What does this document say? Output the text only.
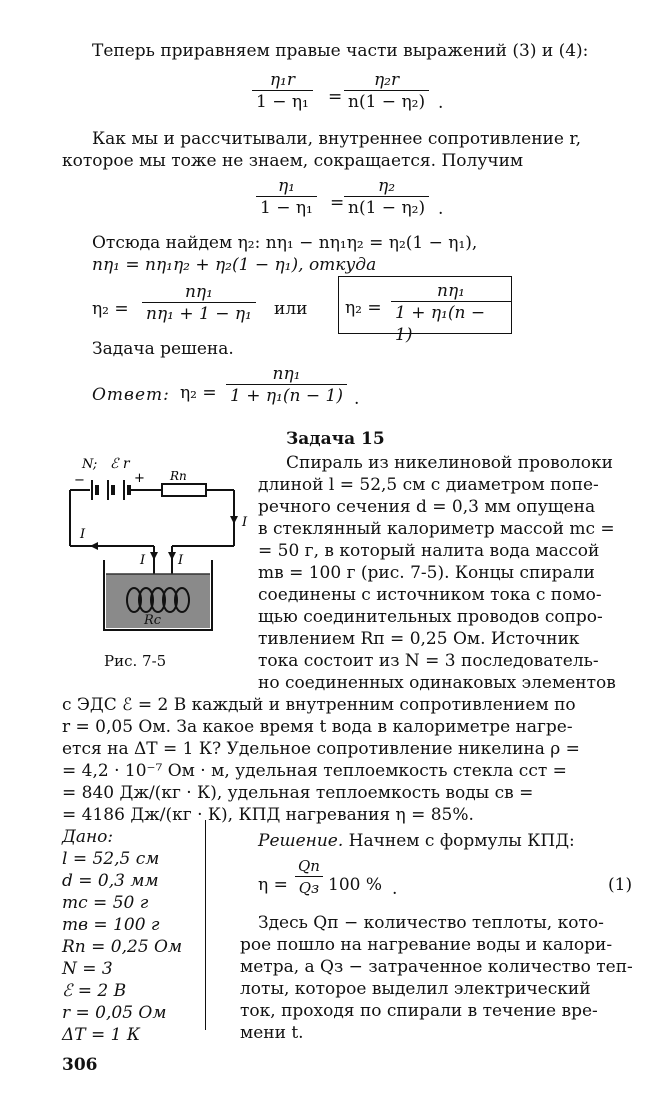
Теперь приравняем правые части выражений (3) и (4):
$\frac{\text{η₁r}}{\text{1 − η₁}} = \frac{\text{η₂r}}{\text{n(1 − η₂)}}$ .
Как мы и рассчитывали, внутреннее сопротивление r,
которое мы тоже не знаем, сокращается. Получим
$\frac{\text{η₁}}{\text{1 − η₁}} = \frac{\text{η₂}}{\text{n(1 − η₂)}}$ .
Отсюда найдем η₂: nη₁ − nη₁η₂ = η₂(1 − η₁),
nη₁ = nη₁η₂ + η₂(1 − η₁), откуда
$\eta_2 = \frac{\text{nη₁}}{\text{nη₁ + 1 − η₁}}$ или $\eta_2 = \frac{\text{nη₁}}{\text{1 + η₁(n − 1)}}$
Задача решена.
Ответ: $\eta_2 = \frac{\text{nη₁}}{\text{1 + η₁(n − 1)}}$ .
Задача 15
N; ℰ r
−	+ Rп
I
I
I	I
Rc
Рис. 7-5
Спираль из никелиновой проволоки
длиной l = 52,5 см с диаметром попе-
речного сечения d = 0,3 мм опущена
в стеклянный калориметр массой mс =
= 50 г, в который налита вода массой
mв = 100 г (рис. 7-5). Концы спирали
соединены с источником тока с помо-
щью соединительных проводов сопро-
тивлением Rп = 0,25 Ом. Источник
тока состоит из N = 3 последователь-
но соединенных одинаковых элементов
с ЭДС ℰ = 2 В каждый и внутренним сопротивлением по
r = 0,05 Ом. За какое время t вода в калориметре нагре-
ется на ΔT = 1 К? Удельное сопротивление никелина ρ =
= 4,2 · 10⁻⁷ Ом · м, удельная теплоемкость стекла cст =
= 840 Дж/(кг · К), удельная теплоемкость воды cв =
= 4186 Дж/(кг · К), КПД нагревания η = 85%.
Дано:
l = 52,5 см
d = 0,3 мм
mс = 50 г
mв = 100 г
Rп = 0,25 Ом
N = 3
ℰ = 2 В
r = 0,05 Ом
ΔT = 1 К
Решение. Начнем с формулы КПД:
η =
Qп
Qз 100 % .	(1)
Здесь Qп − количество теплоты, кото-
рое пошло на нагревание воды и калори-
метра, а Qз − затраченное количество теп-
лоты, которое выделил электрический
ток, проходя по спирали в течение вре-
мени t.
306
